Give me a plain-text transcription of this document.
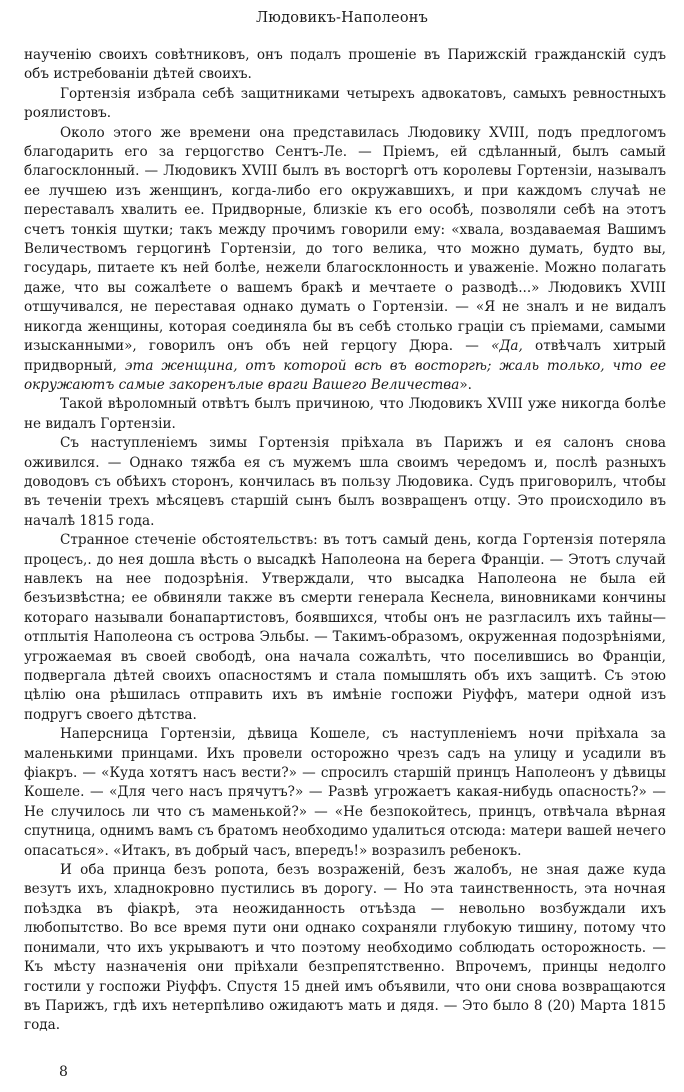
Людовикъ-Наполеонъ

наученію своихъ совѣтниковъ, онъ подалъ прошеніе въ Парижскій гражданскій судъ объ истребованіи дѣтей своихъ.

Гортензія избрала себѣ защитниками четырехъ адвокатовъ, самыхъ ревностныхъ роялистовъ.

Около этого же времени она представилась Людовику XVIII, подъ предлогомъ благодарить его за герцогство Сентъ-Ле. — Пріемъ, ей сдѣланный, былъ самый благосклонный. — Людовикъ XVIII былъ въ восторгѣ отъ королевы Гортензіи, называлъ ее лучшею изъ женщинъ, когда-либо его окружавшихъ, и при каждомъ случаѣ не переставалъ хвалить ее. Придворные, близкіе къ его особѣ, позволяли себѣ на этотъ счетъ тонкія шутки; такъ между прочимъ говорили ему: «хвала, воздаваемая Вашимъ Величествомъ герцогинѣ Гортензіи, до того велика, что можно думать, будто вы, государь, питаете къ ней болѣе, нежели благосклонность и уваженіе. Можно полагать даже, что вы сожалѣете о вашемъ бракѣ и мечтаете о разводѣ...» Людовикъ XVIII отшучивался, не переставая однако думать о Гортензіи. — «Я не зналъ и не видалъ никогда женщины, которая соединяла бы въ себѣ столько граціи съ пріемами, самыми изысканными», говорилъ онъ объ ней герцогу Дюра. — «Да, отвѣчалъ хитрый придворный, эта женщина, отъ которой всѣ въ восторгѣ; жаль только, что ее окружаютъ самые закоренълые враги Вашего Величества».

Такой вѣроломный отвѣтъ былъ причиною, что Людовикъ XVIII уже никогда болѣе не видалъ Гортензіи.

Съ наступленіемъ зимы Гортензія пріѣхала въ Парижъ и ея салонъ снова оживился. — Однако тяжба ея съ мужемъ шла своимъ чередомъ и, послѣ разныхъ доводовъ съ обѣихъ сторонъ, кончилась въ пользу Людовика. Судъ приговорилъ, чтобы въ теченіи трехъ мѣсяцевъ старшій сынъ былъ возвращенъ отцу. Это происходило въ началѣ 1815 года.

Странное стеченіе обстоятельствъ: въ тотъ самый день, когда Гортензія потеряла процесъ,. до нея дошла вѣсть о высадкѣ Наполеона на берега Франціи. — Этотъ случай навлекъ на нее подозрѣнія. Утверждали, что высадка Наполеона не была ей безъизвѣстна; ее обвиняли также въ смерти генерала Кеснела, виновниками кончины котораго называли бонапартистовъ, боявшихся, чтобы онъ не разгласилъ ихъ тайны— отплытія Наполеона съ острова Эльбы. — Такимъ-образомъ, окруженная подозрѣніями, угрожаемая въ своей свободѣ, она начала сожалѣть, что поселившись во Франціи, подвергала дѣтей своихъ опасностямъ и стала помышлять объ ихъ защитѣ. Съ этою цѣлію она рѣшилась отправить ихъ въ имѣніе госпожи Ріуффъ, матери одной изъ подругъ своего дѣтства.

Наперсница Гортензіи, дѣвица Кошеле, съ наступленіемъ ночи пріѣхала за маленькими принцами. Ихъ провели осторожно чрезъ садъ на улицу и усадили въ фіакръ. — «Куда хотятъ насъ вести?» — спросилъ старшій принцъ Наполеонъ у дѣвицы Кошеле. — «Для чего насъ прячутъ?» — Развѣ угрожаетъ какая-нибудь опасность?» — Не случилось ли что съ маменькой?» — «Не безпокойтесь, принцъ, отвѣчала вѣрная спутница, однимъ вамъ съ братомъ необходимо удалиться отсюда: матери вашей нечего опасаться». «Итакъ, въ добрый часъ, впередъ!» возразилъ ребенокъ.

И оба принца безъ ропота, безъ возраженій, безъ жалобъ, не зная даже куда везутъ ихъ, хладнокровно пустились въ дорогу. — Но эта таинственность, эта ночная поѣздка въ фіакрѣ, эта неожиданность отъѣзда — невольно возбуждали ихъ любопытство. Во все время пути они однако сохраняли глубокую тишину, потому что понимали, что ихъ укрываютъ и что поэтому необходимо соблюдать осторожность. — Къ мѣсту назначенія они пріѣхали безпрепятственно. Впрочемъ, принцы недолго гостили у госпожи Ріуффъ. Спустя 15 дней имъ объявили, что они снова возвращаются въ Парижъ, гдѣ ихъ нетерпѣливо ожидаютъ мать и дядя. — Это было 8 (20) Марта 1815 года.

8
